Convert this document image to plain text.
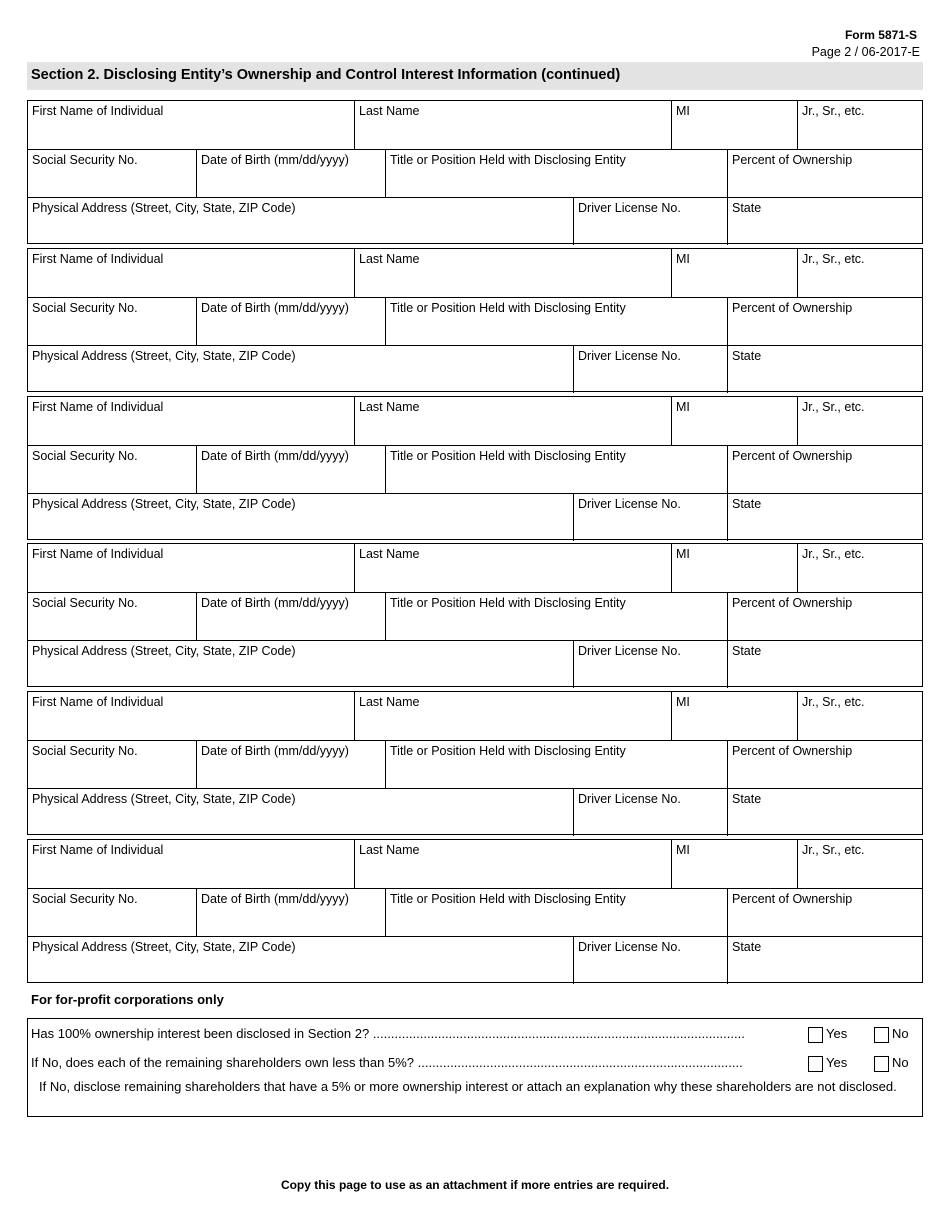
Form 5871-S
Page 2 / 06-2017-E
Section 2. Disclosing Entity’s Ownership and Control Interest Information (continued)
First Name of Individual	Last Name	MI	Jr., Sr., etc.
Social Security No.	Date of Birth (mm/dd/yyyy)	Title or Position Held with Disclosing Entity	Percent of Ownership
Physical Address (Street, City, State, ZIP Code)	Driver License No.	State
First Name of Individual	Last Name	MI	Jr., Sr., etc.
Social Security No.	Date of Birth (mm/dd/yyyy)	Title or Position Held with Disclosing Entity	Percent of Ownership
Physical Address (Street, City, State, ZIP Code)	Driver License No.	State
First Name of Individual	Last Name	MI	Jr., Sr., etc.
Social Security No.	Date of Birth (mm/dd/yyyy)	Title or Position Held with Disclosing Entity	Percent of Ownership
Physical Address (Street, City, State, ZIP Code)	Driver License No.	State
First Name of Individual	Last Name	MI	Jr., Sr., etc.
Social Security No.	Date of Birth (mm/dd/yyyy)	Title or Position Held with Disclosing Entity	Percent of Ownership
Physical Address (Street, City, State, ZIP Code)	Driver License No.	State
First Name of Individual	Last Name	MI	Jr., Sr., etc.
Social Security No.	Date of Birth (mm/dd/yyyy)	Title or Position Held with Disclosing Entity	Percent of Ownership
Physical Address (Street, City, State, ZIP Code)	Driver License No.	State
First Name of Individual	Last Name	MI	Jr., Sr., etc.
Social Security No.	Date of Birth (mm/dd/yyyy)	Title or Position Held with Disclosing Entity	Percent of Ownership
Physical Address (Street, City, State, ZIP Code)	Driver License No.	State
For for-profit corporations only
Has 100% ownership interest been disclosed in Section 2? .......................................................................................................	Yes	No
If No, does each of the remaining shareholders own less than 5%? ..........................................................................................	Yes	No
If No, disclose remaining shareholders that have a 5% or more ownership interest or attach an explanation why these shareholders are not disclosed.
Copy this page to use as an attachment if more entries are required.
